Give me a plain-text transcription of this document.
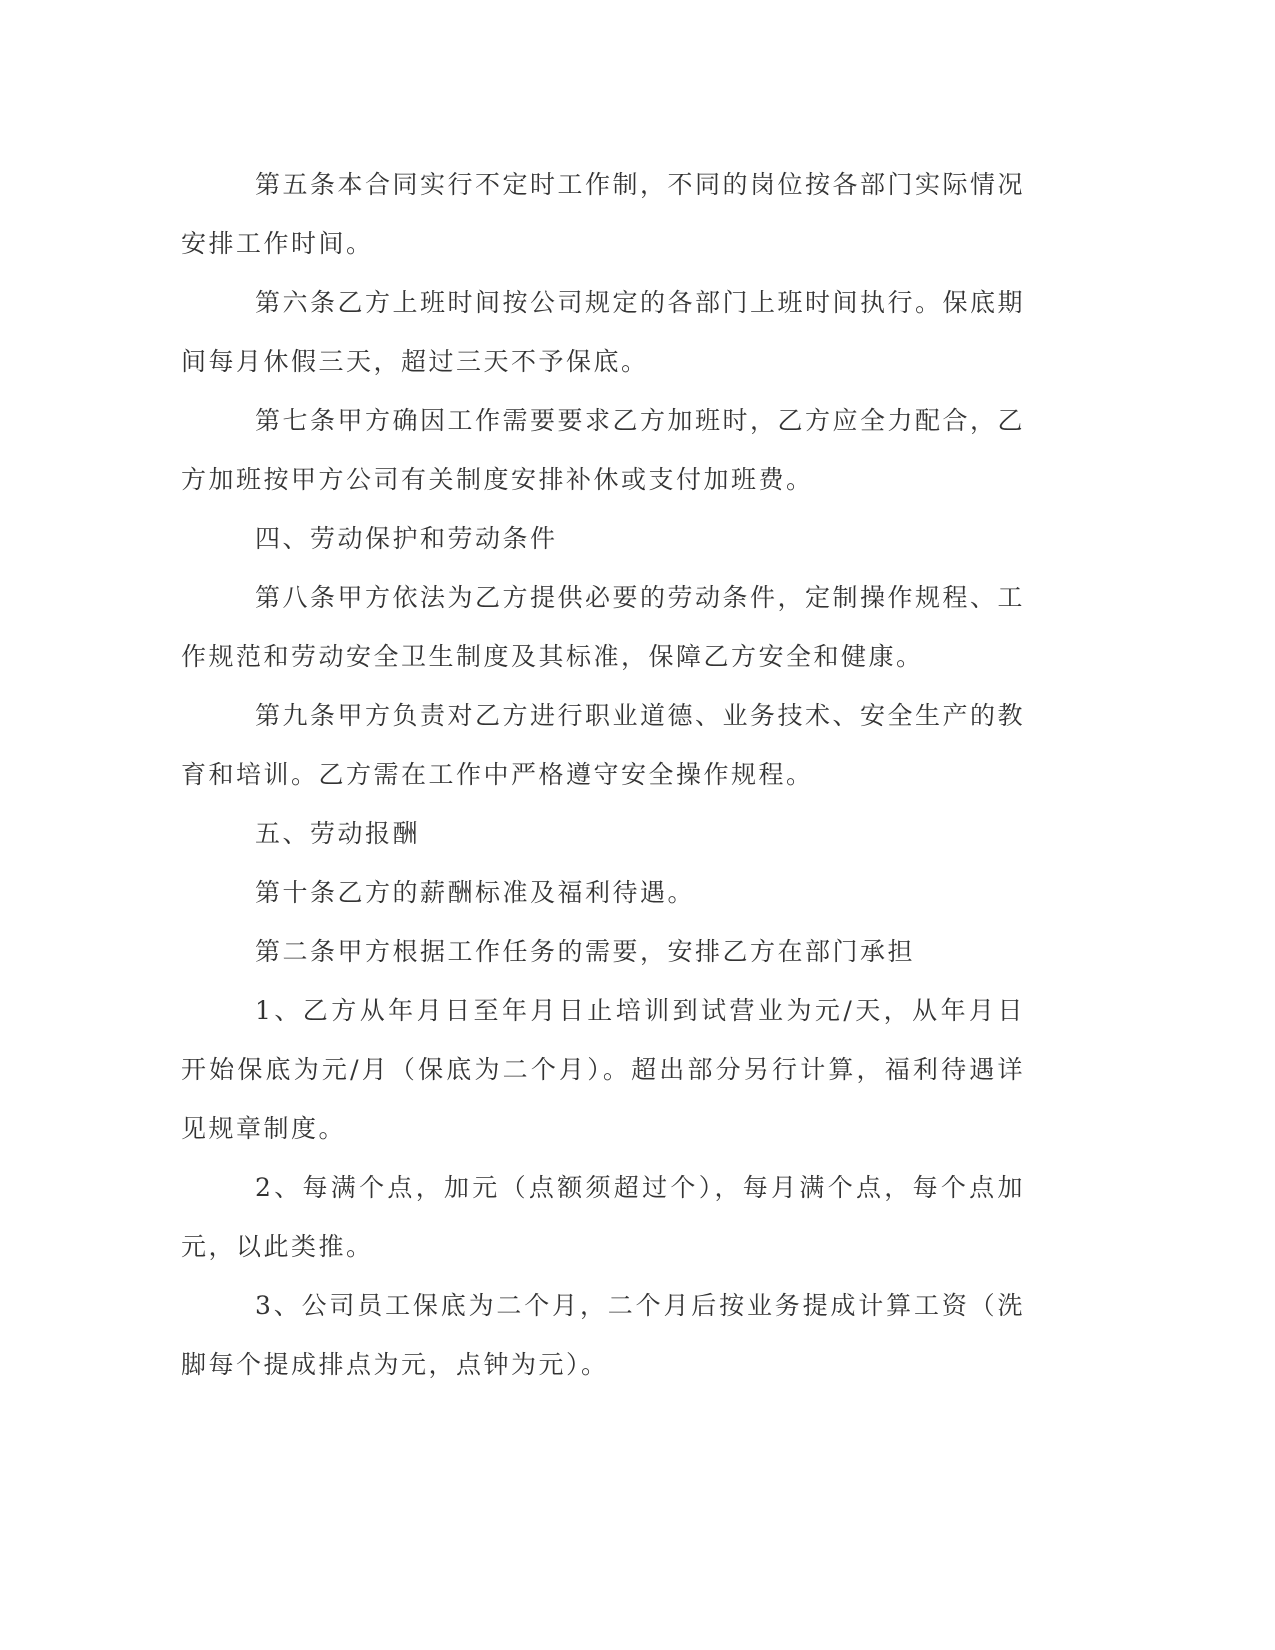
第五条本合同实行不定时工作制，不同的岗位按各部门实际情况安排工作时间。

第六条乙方上班时间按公司规定的各部门上班时间执行。保底期间每月休假三天，超过三天不予保底。

第七条甲方确因工作需要要求乙方加班时，乙方应全力配合，乙方加班按甲方公司有关制度安排补休或支付加班费。

四、劳动保护和劳动条件

第八条甲方依法为乙方提供必要的劳动条件，定制操作规程、工作规范和劳动安全卫生制度及其标准，保障乙方安全和健康。

第九条甲方负责对乙方进行职业道德、业务技术、安全生产的教育和培训。乙方需在工作中严格遵守安全操作规程。

五、劳动报酬

第十条乙方的薪酬标准及福利待遇。

第二条甲方根据工作任务的需要，安排乙方在部门承担

1、乙方从年月日至年月日止培训到试营业为元/天，从年月日开始保底为元/月（保底为二个月）。超出部分另行计算，福利待遇详见规章制度。

2、每满个点，加元（点额须超过个），每月满个点，每个点加元，以此类推。

3、公司员工保底为二个月，二个月后按业务提成计算工资（洗脚每个提成排点为元，点钟为元）。
